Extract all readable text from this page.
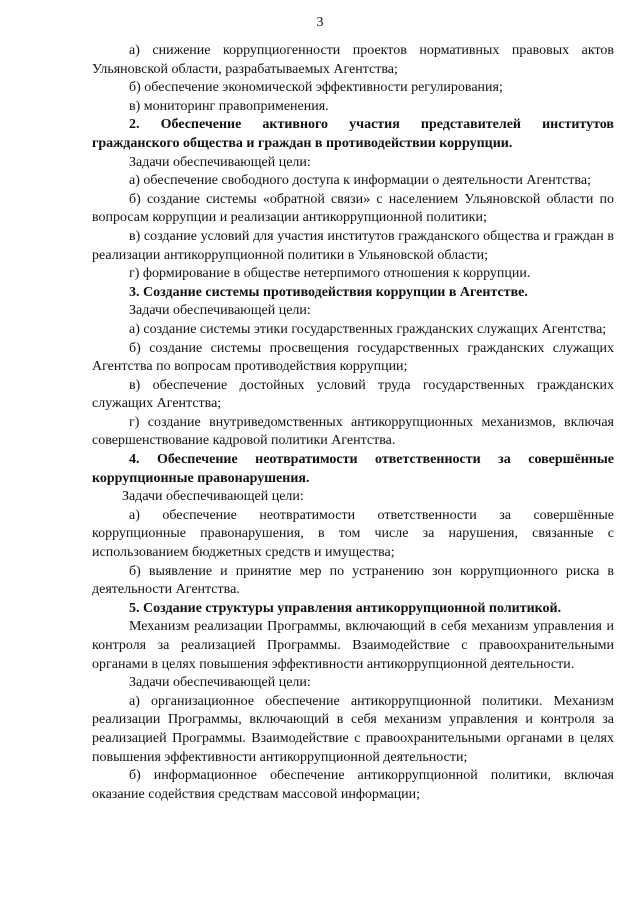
3

а) снижение коррупциогенности проектов нормативных правовых актов Ульяновской области, разрабатываемых Агентства;

б) обеспечение экономической эффективности регулирования;

в) мониторинг правоприменения.

2. Обеспечение активного участия представителей институтов гражданского общества и граждан в противодействии коррупции.

Задачи обеспечивающей цели:

а) обеспечение свободного доступа к информации о деятельности Агентства;

б) создание системы «обратной связи» с населением Ульяновской области по вопросам коррупции и реализации антикоррупционной политики;

в) создание условий для участия институтов гражданского общества и граждан в реализации антикоррупционной политики в Ульяновской области;

г) формирование в обществе нетерпимого отношения к коррупции.

3. Создание системы противодействия коррупции в Агентстве.

Задачи обеспечивающей цели:

а) создание системы этики государственных гражданских служащих Агентства;

б) создание системы просвещения государственных гражданских служащих Агентства по вопросам противодействия коррупции;

в) обеспечение достойных условий труда государственных гражданских служащих Агентства;

г) создание внутриведомственных антикоррупционных механизмов, включая совершенствование кадровой политики Агентства.

4. Обеспечение неотвратимости ответственности за совершённые коррупционные правонарушения.

Задачи обеспечивающей цели:

а) обеспечение неотвратимости ответственности за совершённые коррупционные правонарушения, в том числе за нарушения, связанные с использованием бюджетных средств и имущества;

б) выявление и принятие мер по устранению зон коррупционного риска в деятельности Агентства.

5. Создание структуры управления антикоррупционной политикой.

Механизм реализации Программы, включающий в себя механизм управления и контроля за реализацией Программы. Взаимодействие с правоохранительными органами в целях повышения эффективности антикоррупционной деятельности.

Задачи обеспечивающей цели:

а) организационное обеспечение антикоррупционной политики. Механизм реализации Программы, включающий в себя механизм управления и контроля за реализацией Программы. Взаимодействие с правоохранительными органами в целях повышения эффективности антикоррупционной деятельности;

б) информационное обеспечение антикоррупционной политики, включая оказание содействия средствам массовой информации;
